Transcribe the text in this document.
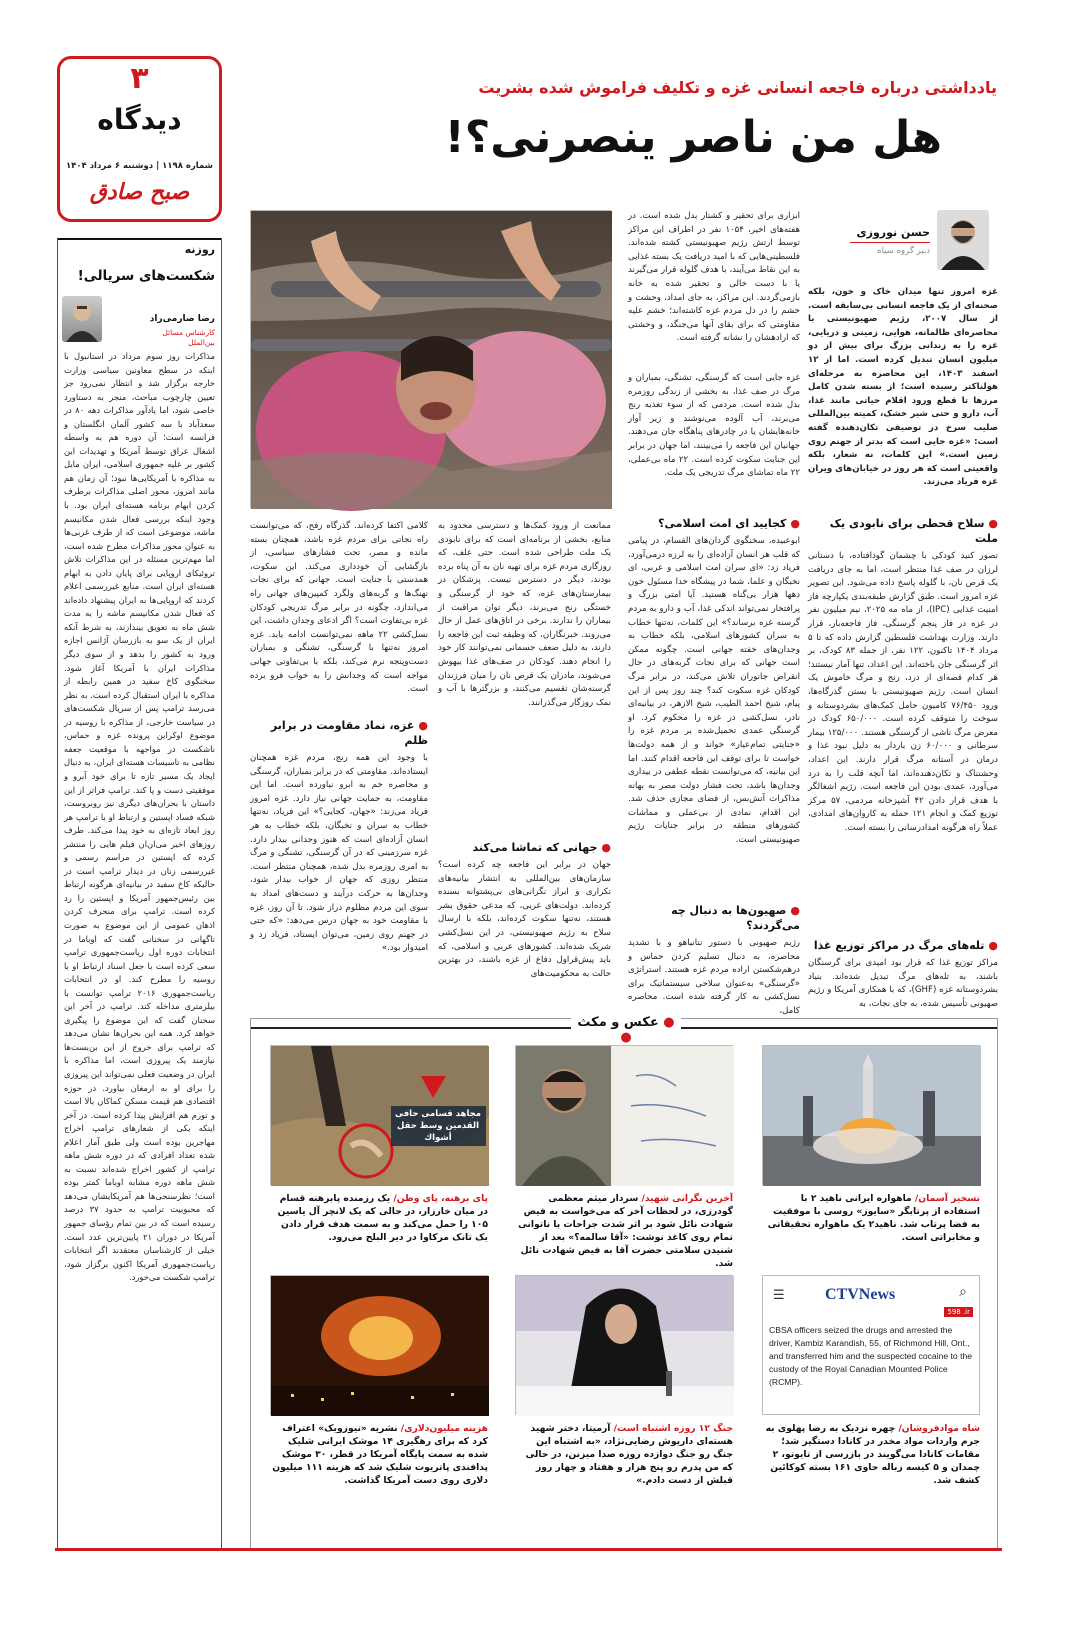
۳
دیدگاه
شماره ۱۱۹۸ | دوشنبه ۶ مرداد ۱۴۰۴
صبح صادق
یادداشتی درباره فاجعه انسانی غزه و تکلیف فراموش شده بشریت
هل من ناصر ینصرنی؟!
روزنه
شکست‌های سریالی!
رضا صارمی‌راد
کارشناس مسائل بین‌الملل
مذاکرات روز سوم مرداد در استانبول با اینکه در سطح معاونین سیاسی وزارت خارجه برگزار شد و انتظار نمی‌رود جز تعیین چارچوب مباحث، منجر به دستاورد خاصی شود، اما یادآور مذاکرات دهه ۸۰ در سعدآباد با سه کشور آلمان انگلستان و فرانسه است؛ آن دوره هم به واسطه اشغال عراق توسط آمریکا و تهدیدات این کشور بر علیه جمهوری اسلامی، ایران مایل به مذاکره با آمریکایی‌ها نبود؛ آن زمان هم مانند امروز، محور اصلی مذاکرات برطرف کردن ابهام برنامه هسته‌ای ایران بود. با وجود اینکه بررسی فعال شدن مکانیسم ماشه، موضوعی است که از طرف غربی‌ها به عنوان محور مذاکرات مطرح شده است، اما مهم‌ترین مسئله در این مذاکرات تلاش تروئیکای اروپایی برای پایان دادن به ابهام هسته‌ای ایران است. منابع غیررسمی اعلام کردند که اروپایی‌ها به ایران پیشنهاد داده‌اند که فعال شدن مکانیسم ماشه را به مدت شش ماه به تعویق بیندازند، به شرط آنکه ایران از یک سو به بازرسان آژانس اجازه ورود به کشور را بدهد و از سوی دیگر مذاکرات ایران با آمریکا آغاز شود. سخنگوی کاخ سفید در همین رابطه از مذاکره با ایران استقبال کرده است. به نظر می‌رسد ترامپ پس از سریال شکست‌های در سیاست خارجی، از مذاکره با روسیه در موضوع اوکراین پرونده غزه و حماس، ناشکست در مواجهه با موقعیت جعفه نظامی به تاسیسات هسته‌ای ایران، به دنبال ایجاد یک مسیر تازه تا برای خود آبرو و موفقیتی دست و پا کند. ترامپ فراتر از این داستان با بحران‌های دیگری نیز روبروست، شبکه فساد اپستین و ارتباط او با ترامپ هر روز ابعاد تازه‌ای به خود پیدا می‌کند. طرف روزهای اخیر می‌ان‌ان فیلم هایی را منتشر کرده که اپستین در مراسم رسمی و غیررسمی زنان در دیدار ترامپ است در حالیکه کاخ سفید در بیانیه‌ای هرگونه ارتباط بین رئیس‌جمهور آمریکا و اپستین را رد کرده است. ترامپ برای منحرف کردن اذهان عمومی از این موضوع به صورت ناگهانی در سخنانی گفت که اوباما در انتخابات دوره اول ریاست‌جمهوری ترامپ سعی کرده است با جعل اسناد ارتباط او با روسیه را مطرح کند. او در انتخابات ریاست‌جمهوری ۲۰۱۶ ترامپ توانست با بیلرمتری مداخله کند. ترامپ در آخر این سخنان گفت که این موضوع را پیگیری خواهد کرد. همه این بحران‌ها نشان می‌دهد که ترامپ برای خروج از این بن‌بست‌ها نیازمند یک پیروزی است، اما مذاکره با ایران در وضعیت فعلی نمی‌تواند این پیروزی را برای او به ارمغان بیاورد. در حوزه اقتصادی هم قیمت مسکن کماکان بالا است و تورم هم افزایش پیدا کرده است. در آخر اینکه یکی از شعارهای ترامپ اخراج مهاجرین بوده است ولی طبق آمار اعلام شده تعداد افرادی که در دوره شش ماهه ترامپ از کشور اخراج شده‌اند نسبت به شش ماهه دوره مشابه اوباما کمتر بوده است؛ نظرسنجی‌ها هم آمریکایشان می‌دهد که محبوبیت ترامپ به حدود ۳۷ درصد رسیده است که در بین تمام رؤسای جمهور آمریکا در دوران ۲۱ پایین‌ترین عدد است. خیلی از کارشناسان معتقدند اگر انتخابات ریاست‌جمهوری آمریکا اکنون برگزار شود، ترامپ شکست می‌خورد.
حسن نوروزی
دبیر گروه سیاه
غزه امروز تنها میدان خاک و خون، بلکه صحنه‌ای از یک فاجعه انسانی بی‌سابقه است. از سال ۲۰۰۷، رژیم صهیونیستی با محاصره‌ای ظالمانه، هوایی، زمینی و دریایی، غزه را به زندانی بزرگ برای بیش از دو میلیون انسان تبدیل کرده است. اما از ۱۲ اسفند ۱۴۰۳، این محاصره به مرحله‌ای هولناکتر رسیده است؛ از بسته شدن کامل مرزها تا قطع ورود اقلام حیاتی مانند غذا، آب، دارو و حتی شیر خشک، کمیته بین‌المللی صلیب سرخ در توصیفی تکان‌دهنده گفته است: «غزه جایی است که بدتر از جهنم روی زمین است.» این کلمات، نه شعار، بلکه واقعیتی است که هر روز در خیابان‌های ویران غزه فریاد می‌زند.
●سلاح قحطی برای نابودی یک ملت
تصور کنید کودکی با چشمان گودافتاده، با دستانی لرزان در صف غذا منتظر است، اما به جای دریافت یک قرص نان، با گلوله پاسخ داده می‌شود. این تصویر غزه امروز است. طبق گزارش طبقه‌بندی یکپارچه فاز امنیت غذایی (IPC)، از ماه مه ۲۰۲۵، نیم میلیون نفر در غزه در فاز پنجم گرسنگی، فاز فاجعه‌بار، قرار دارند. وزارت بهداشت فلسطین گزارش داده که تا ۵ مرداد ۱۴۰۴ تاکنون، ۱۲۲ نفر، از جمله ۸۳ کودک، بر اثر گرسنگی جان باخته‌اند. این اعداد، تنها آمار نیستند؛ هر کدام قصه‌ای از درد، رنج و مرگ خاموش یک انسان است. رژیم صهیونیستی با بستن گذرگاه‌ها، ورود ۷۶/۴۵۰ کامیون حامل کمک‌های بشردوستانه و سوخت را متوقف کرده است. ۶۵۰/۰۰۰ کودک در معرض مرگ ناشی از گرسنگی هستند. ۱۲۵/۰۰۰ بیمار سرطانی و ۶۰/۰۰۰ زن باردار به دلیل نبود غذا و درمان در آستانه مرگ قرار دارند. این اعداد، وحشتناک و تکان‌دهنده‌اند، اما آنچه قلب را به درد می‌آورد، عمدی بودن این فاجعه است. رژیم اشغالگر با هدف قرار دادن ۴۲ آشپزخانه مردمی، ۵۷ مرکز توزیع کمک و انجام ۱۲۱ حمله به کاروان‌های امدادی، عملاً راه هرگونه امدادرسانی را بسته است.
●تله‌های مرگ در مراکز توزیع غذا
مراکز توزیع غذا که قرار بود امیدی برای گرسنگان باشند، به تله‌های مرگ تبدیل شده‌اند. بنیاد بشردوستانه غزه (GHF)، که با همکاری آمریکا و رژیم صهیونی تأسیس شده، به جای نجات، به
ابزاری برای تحقیر و کشتار بدل شده است. در هفته‌های اخیر، ۱۰۵۴ نفر در اطراف این مراکز توسط ارتش رژیم صهیونیستی کشته شده‌اند. فلسطینی‌هایی که با امید دریافت یک بسته غذایی به این نقاط می‌آیند، با هدف گلوله قرار می‌گیرند یا با دست خالی و تحقیر شده به خانه بازمی‌گردند. این مراکز، به جای امداد، وحشت و خشم را در دل مردم غزه کاشته‌اند؛ خشم علیه مقاومتی که برای بقای آنها می‌جنگد، و وحشتی که ارادهشان را نشانه گرفته است.
غزه جایی است که گرسنگی، تشنگی، بمباران و مرگ در صف غذا، به بخشی از زندگی روزمره بدل شده است. مردمی که از سوء تغذیه رنج می‌برند، آب آلوده می‌نوشند و زیر آوار خانه‌هایشان یا در چادرهای پناهگاه جان می‌دهند. جهانیان این فاجعه را می‌بینند، اما جهان در برابر این جنایت سکوت کرده است. ۲۲ ماه بی‌عملی، ۲۲ ماه تماشای مرگ تدریجی یک ملت.
●کجایید ای امت اسلامی؟
ابوعبیده، سخنگوی گردان‌های القسام، در پیامی که قلب هر انسان آزاده‌ای را به لرزه درمی‌آورد، فریاد زد: «ای سران امت اسلامی و عربی، ای نخبگان و علما، شما در پیشگاه خدا مسئول خون دهها هزار بی‌گناه هستید. آیا امتی بزرگ و پرافتخار نمی‌تواند اندکی غذا، آب و دارو به مردم گرسنه غزه برساند؟» این کلمات، نه‌تنها خطاب به سران کشورهای اسلامی، بلکه خطاب به وجدان‌های خفته جهانی است. چگونه ممکن است جهانی که برای نجات گربه‌های در حال انقراض جانوران تلاش می‌کند، در برابر مرگ کودکان غزه سکوت کند؟ چند روز پس از این پیام، شیخ احمد الطیب، شیخ الازهر، در بیانیه‌ای نادر، نسل‌کشی در غزه را محکوم کرد. او گرسنگی عمدی تحمیل‌شده بر مردم غزه را «جنایتی تمام‌عیار» خواند و از همه دولت‌ها خواست تا برای توقف این فاجعه اقدام کنند. اما این بیانیه، که می‌توانست نقطه عطفی در بیداری وجدان‌ها باشد، تحت فشار دولت مصر به بهانه مذاکرات آتش‌بس، از فضای مجازی حذف شد. این اقدام، نمادی از بی‌عملی و مماشات کشورهای منطقه در برابر جنایات رژیم صهیونیستی است.
●صهیون‌ها به دنبال چه می‌گردند؟
رژیم صهیونی با دستور نتانیاهو و با تشدید محاصره، به دنبال تسلیم کردن حماس و درهم‌شکستن اراده مردم غزه هستند. استراتژی «گرسنگی» به‌عنوان سلاحی سیستماتیک برای نسل‌کشی به کار گرفته شده است. محاصره کامل،
ممانعت از ورود کمک‌ها و دسترسی محدود به منابع، بخشی از برنامه‌ای است که برای نابودی یک ملت طراحی شده است. حتی علف، که روزگاری مردم غزه برای تهیه نان به آن پناه برده بودند، دیگر در دسترس نیست. پزشکان در بیمارستان‌های غزه، که خود از گرسنگی و خستگی رنج می‌برند، دیگر توان مراقبت از بیماران را ندارند. برخی در اتاق‌های عمل از حال می‌روند. خبرنگاران، که وظیفه ثبت این فاجعه را دارند، به دلیل ضعف جسمانی نمی‌توانند کار خود را انجام دهند. کودکان در صف‌های غذا بیهوش می‌شوند، مادران یک قرص نان را میان فرزندان گرسنه‌شان تقسیم می‌کنند، و بزرگترها با آب و نمک روزگار می‌گذرانند.
●جهانی که تماشا می‌کند
جهان در برابر این فاجعه چه کرده است؟ سازمان‌های بین‌المللی به انتشار بیانیه‌های تکراری و ابراز نگرانی‌های بی‌پشتوانه بسنده کرده‌اند. دولت‌های غربی، که مدعی حقوق بشر هستند، نه‌تنها سکوت کرده‌اند، بلکه با ارسال سلاح به رژیم صهیونیستی، در این نسل‌کشی شریک شده‌اند. کشورهای عربی و اسلامی، که باید پیش‌قراول دفاع از غزه باشند، در بهترین حالت به محکومیت‌های
کلامی اکتفا کرده‌اند. گذرگاه رفح، که می‌توانست راه نجاتی برای مردم غزه باشد، همچنان بسته مانده و مصر، تحت فشارهای سیاسی، از بازگشایی آن خودداری می‌کند. این سکوت، همدستی با جنایت است. جهانی که برای نجات نهنگ‌ها و گربه‌های ولگرد کمپین‌های جهانی راه می‌اندازد، چگونه در برابر مرگ تدریجی کودکان غزه بی‌تفاوت است؟ اگر ادعای وجدان داشت، این نسل‌کشی ۲۲ ماهه نمی‌توانست ادامه یابد. غزه امروز نه‌تنها با گرسنگی، تشنگی و بمباران دست‌وپنجه نرم می‌کند، بلکه با بی‌تفاوتی جهانی مواجه است که وجدانش را به خواب فرو برده است.
●غزه، نماد مقاومت در برابر ظلم
با وجود این همه رنج، مردم غزه همچنان ایستاده‌اند. مقاومتی که در برابر بمباران، گرسنگی و محاصره خم به ابرو نیاورده است. اما این مقاومت، به حمایت جهانی نیاز دارد. غزه امروز فریاد می‌زند: «جهان، کجایی؟» این فریاد، نه‌تنها خطاب به سران و نخبگان، بلکه خطاب به هر انسان آزاده‌ای است که هنوز وجدانی بیدار دارد. غزه سرزمینی که در آن گرسنگی، تشنگی و مرگ به امری روزمره بدل شده، همچنان منتظر است. منتظر روزی که جهان از خواب بیدار شود، وجدان‌ها به حرکت درآیند و دست‌های امداد به سوی این مردم مظلوم دراز شود. تا آن روز، غزه با مقاومت خود به جهان درس می‌دهد: «که حتی در جهنم روی زمین، می‌توان ایستاد، فریاد زد و امیدوار بود.»
● عکس و مکث ●
مجاهد قسامی حافی القدمین وسط حقل أشواك
تسخیر آسمان/ ماهواره ایرانی ناهید ۲ با استفاده از پرتابگر «سایوز» روسی با موفقیت به فضا پرتاب شد. ناهید۲ یک ماهواره تحقیقاتی و مخابراتی است.
آخرین نگرانی شهید/ سردار میثم معظمی گودرزی، در لحظات آخر که می‌خواست به فیض شهادت نائل شود بر اثر شدت جراحات با ناتوانی تمام روی کاغذ نوشت: «آقا سالمه؟» بعد از شنیدن سلامتی حضرت آقا به فیض شهادت نائل شد.
پای برهنه، پای وطن/ یک رزمنده پابرهنه قسام در میان خارزار، در حالی که یک لانچر آل یاسین ۱۰۵ را حمل می‌کند و به سمت هدف قرار دادن یک تانک مرکاوا در دیر البلح می‌رود.
☰	CTVNews	⌕
598 .ir
CBSA officers seized the drugs and arrested the driver, Kambiz Karandish, 55, of Richmond Hill, Ont., and transferred him and the suspected cocaine to the custody of the Royal Canadian Mounted Police (RCMP).
شاه موادفروشان/ چهره نزدیک به رضا پهلوی به جرم واردات مواد مخدر در کانادا دستگیر شد؛ مقامات کانادا می‌گویند در بازرسی از تایوتو، ۲ چمدان و ۵ کیسه زباله حاوی ۱۶۱ بسته کوکائین کشف شد.
جنگ ۱۲ روزه اشتباه است/ آرمیتا، دختر شهید هسته‌ای داریوش رضایی‌نژاد، «به اشتباه این جنگ رو جنگ دوازده روزه صدا میزنن، در حالی که من پدرم رو پنج هزار و هفتاد و چهار روز قبلش از دست دادم.»
هزینه میلیون‌دلاری/ نشریه «نیوزویک» اعتراف کرد که برای رهگیری ۱۴ موشک ایرانی شلیک شده به سمت پایگاه آمریکا در قطر، ۳۰ موشک پدافندی پاتریوت شلیک شد که هزینه ۱۱۱ میلیون دلاری روی دست آمریکا گذاشت.
